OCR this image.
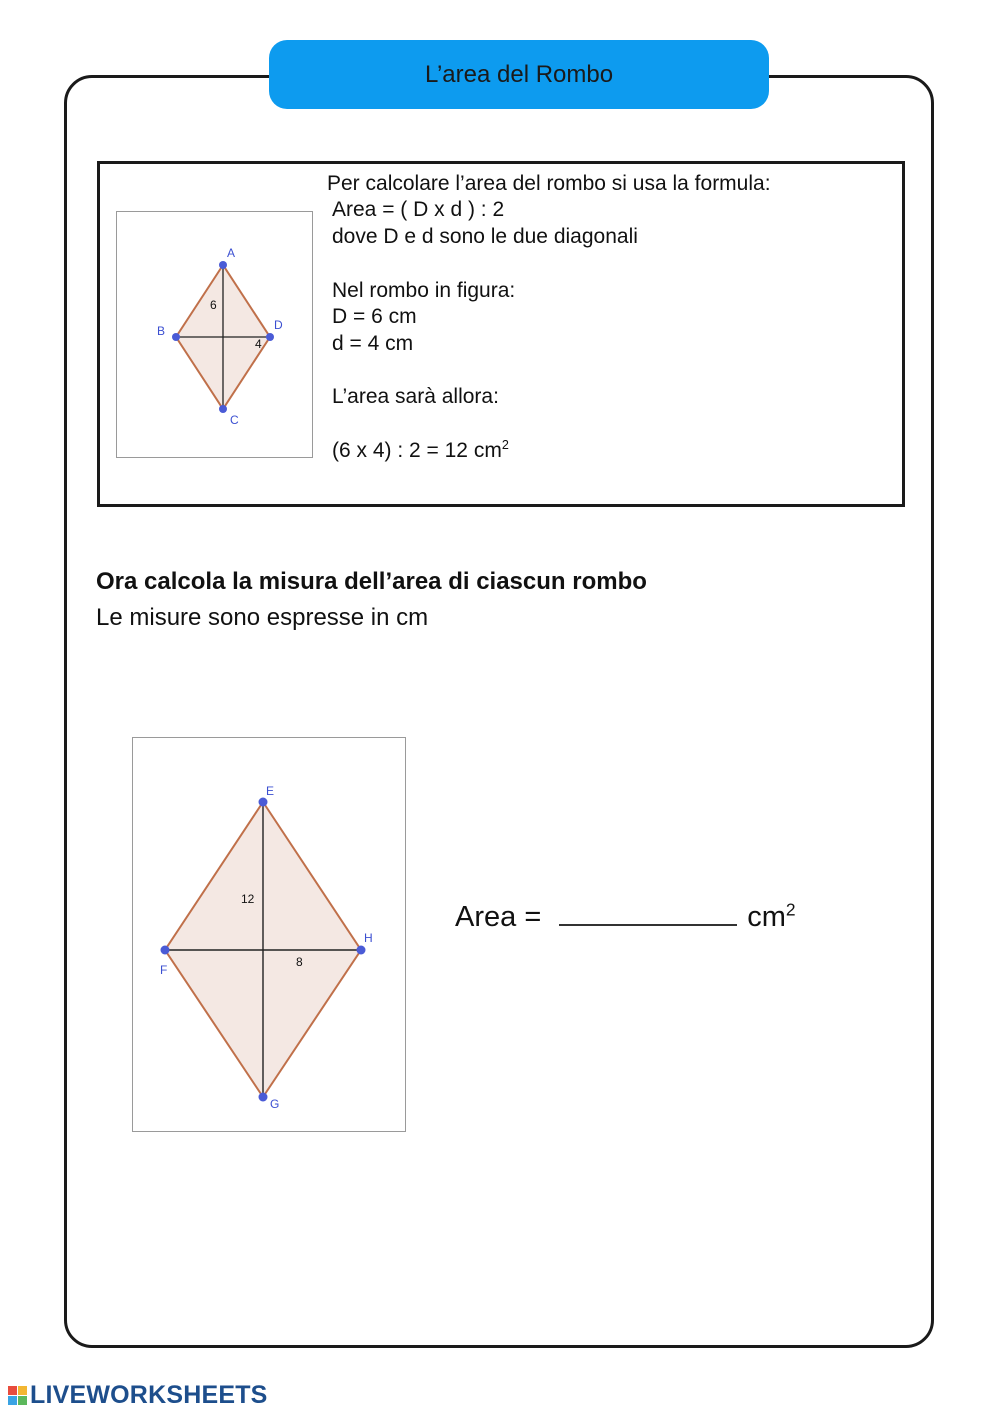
L’area del Rombo
A
B	D
C
6
4
Per calcolare l’area del rombo si usa la formula:
Area = ( D x d ) : 2
dove D e d sono le due diagonali
Nel rombo in figura:
D = 6 cm
d = 4 cm
L’area sarà allora:
(6 x 4) : 2 = 12 $cm^2$
Ora calcola la misura dell’area di ciascun rombo
Le misure sono espresse in cm
E
F
H
G
12
8
Area =	$cm^2$
LIVEWORKSHEETS
